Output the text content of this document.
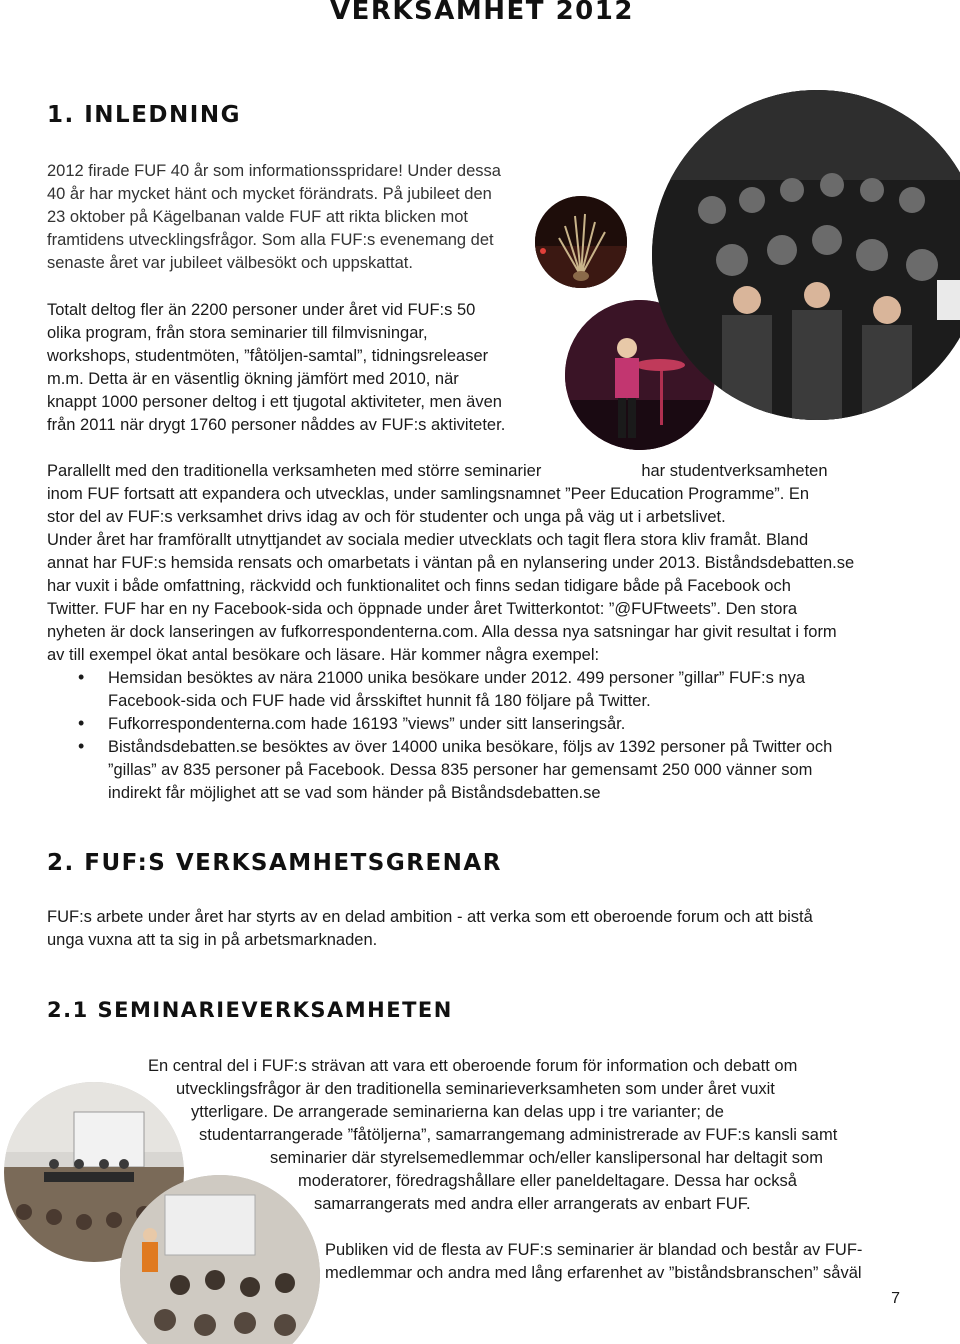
VERKSAMHET 2012
1. INLEDNING
2012 firade FUF 40 år som informationsspridare! Under dessa
40 år har mycket hänt och mycket förändrats. På jubileet den
23 oktober på Kägelbanan valde FUF att rikta blicken mot
framtidens utvecklingsfrågor. Som alla FUF:s evenemang det
senaste året var jubileet välbesökt och uppskattat.
Totalt deltog fler än 2200 personer under året vid FUF:s 50
olika program, från stora seminarier till filmvisningar,
workshops, studentmöten, ”fåtöljen-samtal”, tidningsreleaser
m.m. Detta är en väsentlig ökning jämfört med 2010, när
knappt 1000 personer deltog i ett tjugotal aktiviteter, men även
från 2011 när drygt 1760 personer nåddes av FUF:s aktiviteter.
Parallellt med den traditionella verksamheten med större seminarier	har studentverksamheten
inom FUF fortsatt att expandera och utvecklas, under samlingsnamnet ”Peer Education Programme”. En
stor del av FUF:s verksamhet drivs idag av och för studenter och unga på väg ut i arbetslivet.
Under året har framförallt utnyttjandet av sociala medier utvecklats och tagit flera stora kliv framåt. Bland
annat har FUF:s hemsida rensats och omarbetats i väntan på en nylansering under 2013. Biståndsdebatten.se
har vuxit i både omfattning, räckvidd och funktionalitet och finns sedan tidigare både på Facebook och
Twitter. FUF har en ny Facebook-sida och öppnade under året Twitterkontot: ”@FUFtweets”. Den stora
nyheten är dock lanseringen av fufkorrespondenterna.com. Alla dessa nya satsningar har givit resultat i form
av till exempel ökat antal besökare och läsare. Här kommer några exempel:
• Hemsidan besöktes av nära 21000 unika besökare under 2012. 499 personer ”gillar” FUF:s nya
Facebook-sida och FUF hade vid årsskiftet hunnit få 180 följare på Twitter.
• Fufkorrespondenterna.com hade 16193 ”views” under sitt lanseringsår.
• Biståndsdebatten.se besöktes av över 14000 unika besökare, följs av 1392 personer på Twitter och
”gillas” av 835 personer på Facebook. Dessa 835 personer har gemensamt 250 000 vänner som
indirekt får möjlighet att se vad som händer på Biståndsdebatten.se
2. FUF:S VERKSAMHETSGRENAR
FUF:s arbete under året har styrts av en delad ambition - att verka som ett oberoende forum och att bistå
unga vuxna att ta sig in på arbetsmarknaden.
2.1 SEMINARIEVERKSAMHETEN
En central del i FUF:s strävan att vara ett oberoende forum för information och debatt om
utvecklingsfrågor är den traditionella seminarieverksamheten som under året vuxit
ytterligare. De arrangerade seminarierna kan delas upp i tre varianter; de
studentarrangerade ”fåtöljerna”, samarrangemang administrerade av FUF:s kansli samt
seminarier där styrelsemedlemmar och/eller kanslipersonal har deltagit som
moderatorer, föredragshållare eller paneldeltagare. Dessa har också
samarrangerats med andra eller arrangerats av enbart FUF.
Publiken vid de flesta av FUF:s seminarier är blandad och består av FUF-
medlemmar och andra med lång erfarenhet av ”biståndsbranschen” såväl
7
